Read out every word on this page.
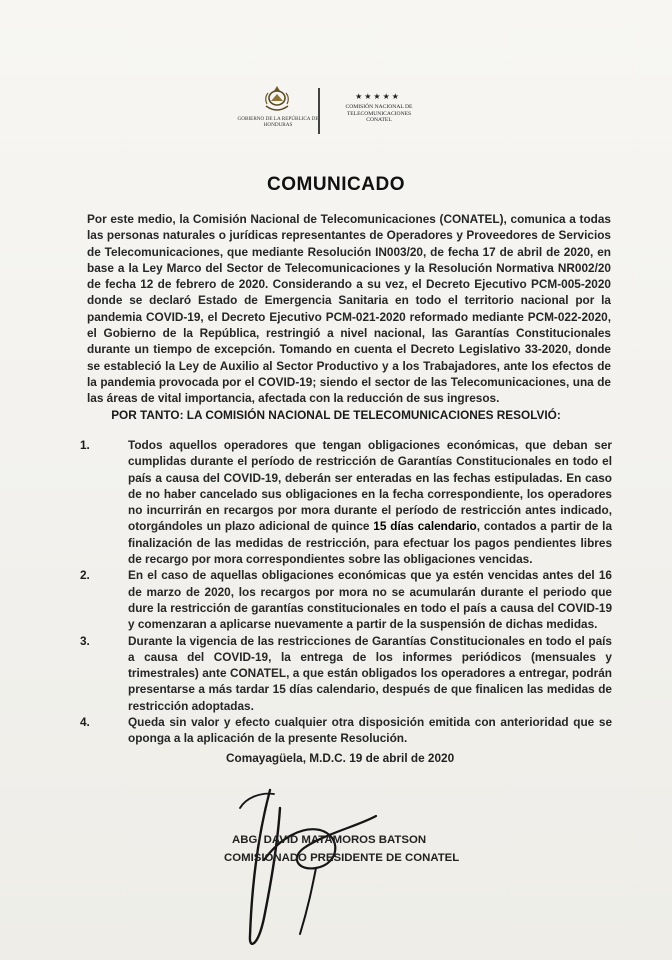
GOBIERNO DE LA REPÚBLICA DE HONDURAS
★★★★★
COMISIÓN NACIONAL DE TELECOMUNICACIONES CONATEL
COMUNICADO
Por este medio, la Comisión Nacional de Telecomunicaciones (CONATEL), comunica a todas las personas naturales o jurídicas representantes de Operadores y Proveedores de Servicios de Telecomunicaciones, que mediante Resolución IN003/20, de fecha 17 de abril de 2020, en base a la Ley Marco del Sector de Telecomunicaciones y la Resolución Normativa NR002/20 de fecha 12 de febrero de 2020. Considerando a su vez, el Decreto Ejecutivo PCM-005-2020 donde se declaró Estado de Emergencia Sanitaria en todo el territorio nacional por la pandemia COVID-19, el Decreto Ejecutivo PCM-021-2020 reformado mediante PCM-022-2020, el Gobierno de la República, restringió a nivel nacional, las Garantías Constitucionales durante un tiempo de excepción. Tomando en cuenta el Decreto Legislativo 33-2020, donde se estableció la Ley de Auxilio al Sector Productivo y a los Trabajadores, ante los efectos de la pandemia provocada por el COVID-19; siendo el sector de las Telecomunicaciones, una de las áreas de vital importancia, afectada con la reducción de sus ingresos.
POR TANTO: LA COMISIÓN NACIONAL DE TELECOMUNICACIONES RESOLVIÓ:
1.	Todos aquellos operadores que tengan obligaciones económicas, que deban ser cumplidas durante el período de restricción de Garantías Constitucionales en todo el país a causa del COVID-19, deberán ser enteradas en las fechas estipuladas. En caso de no haber cancelado sus obligaciones en la fecha correspondiente, los operadores no incurrirán en recargos por mora durante el período de restricción antes indicado, otorgándoles un plazo adicional de quince 15 días calendario, contados a partir de la finalización de las medidas de restricción, para efectuar los pagos pendientes libres de recargo por mora correspondientes sobre las obligaciones vencidas.
2.	En el caso de aquellas obligaciones económicas que ya estén vencidas antes del 16 de marzo de 2020, los recargos por mora no se acumularán durante el periodo que dure la restricción de garantías constitucionales en todo el país a causa del COVID-19 y comenzaran a aplicarse nuevamente a partir de la suspensión de dichas medidas.
3.	Durante la vigencia de las restricciones de Garantías Constitucionales en todo el país a causa del COVID-19, la entrega de los informes periódicos (mensuales y trimestrales) ante CONATEL, a que están obligados los operadores a entregar, podrán presentarse a más tardar 15 días calendario, después de que finalicen las medidas de restricción adoptadas.
4.	Queda sin valor y efecto cualquier otra disposición emitida con anterioridad que se oponga a la aplicación de la presente Resolución.
Comayagüela, M.D.C. 19 de abril de 2020
ABG. DAVID MATAMOROS BATSON
COMISIONADO PRESIDENTE DE CONATEL
